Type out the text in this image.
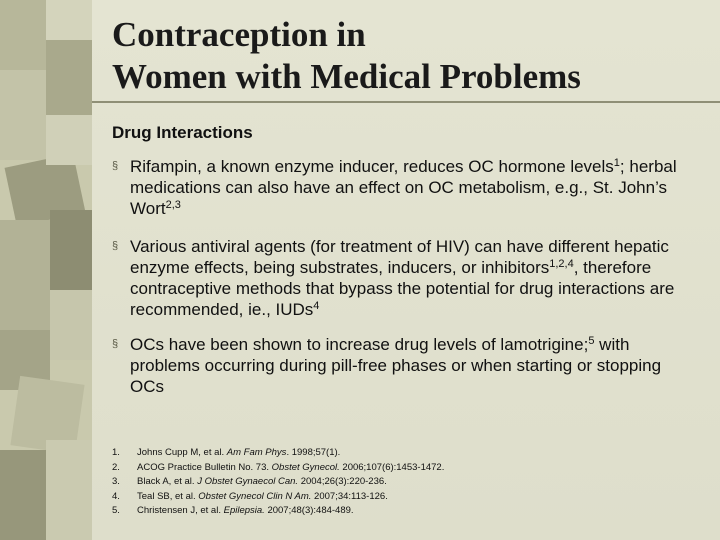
Contraception in
Women with Medical Problems
Drug Interactions
§ Rifampin, a known enzyme inducer, reduces OC hormone levels$^1$; herbal medications can also have an effect on OC metabolism, e.g., St. John’s Wort$^{2,3}$
§ Various antiviral agents (for treatment of HIV) can have different hepatic enzyme effects, being substrates, inducers, or inhibitors$^{1,2,4}$, therefore contraceptive methods that bypass the potential for drug interactions are recommended, ie., IUDs$^4$
§ OCs have been shown to increase drug levels of lamotrigine;$^5$ with problems occurring during pill-free phases or when starting or stopping OCs
1.	Johns Cupp M, et al. Am Fam Phys. 1998;57(1).
2.	ACOG Practice Bulletin No. 73. Obstet Gynecol. 2006;107(6):1453-1472.
3.	Black A, et al. J Obstet Gynaecol Can. 2004;26(3):220-236.
4.	Teal SB, et al. Obstet Gynecol Clin N Am. 2007;34:113-126.
5.	Christensen J, et al. Epilepsia. 2007;48(3):484-489.
